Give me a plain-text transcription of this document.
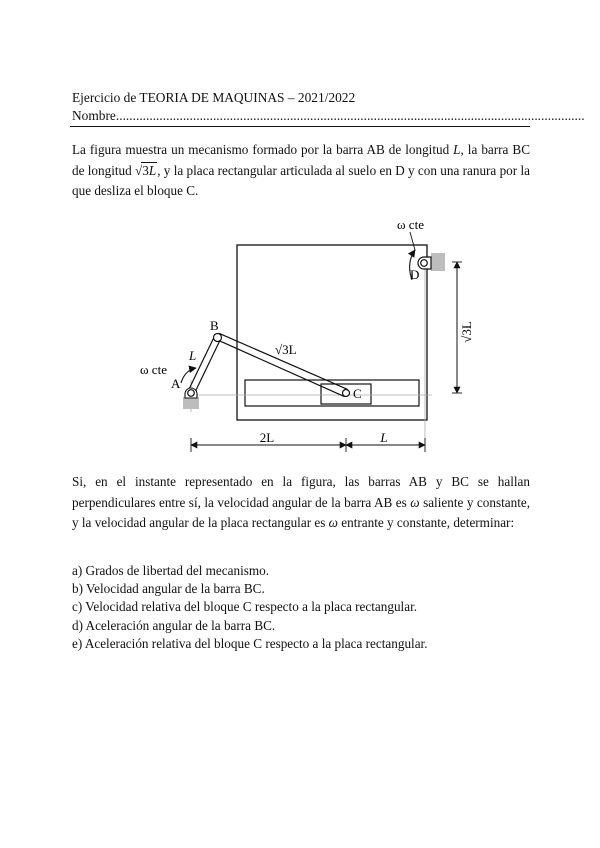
Ejercicio de TEORIA DE MAQUINAS – 2021/2022
Nombre............................................................................................................................................
La figura muestra un mecanismo formado por la barra AB de longitud L, la barra BC de longitud √3L, y la placa rectangular articulada al suelo en D y con una ranura por la que desliza el bloque C.
A
B
C
D
L	√3L
ω cte
ω cte
√3L
2L	L
Si, en el instante representado en la figura, las barras AB y BC se hallan perpendiculares entre sí, la velocidad angular de la barra AB es ω saliente y constante, y la velocidad angular de la placa rectangular es ω entrante y constante, determinar:
a) Grados de libertad del mecanismo.
b) Velocidad angular de la barra BC.
c) Velocidad relativa del bloque C respecto a la placa rectangular.
d) Aceleración angular de la barra BC.
e) Aceleración relativa del bloque C respecto a la placa rectangular.
